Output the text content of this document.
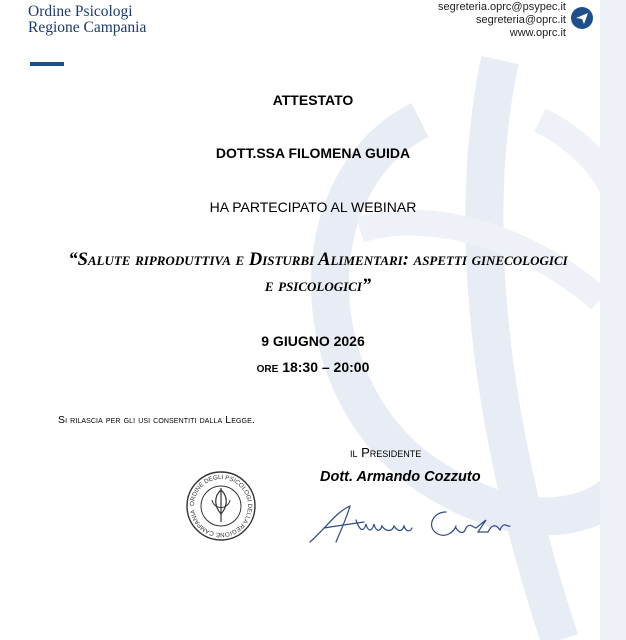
Ordine Psicologi
Regione Campania
segreteria.oprc@psypec.it
segreteria@oprc.it
www.oprc.it
ATTESTATO
DOTT.SSA FILOMENA GUIDA
HA PARTECIPATO AL WEBINAR
“Salute riproduttiva e Disturbi Alimentari: aspetti ginecologici
e psicologici”
9 GIUGNO 2026
ore 18:30 – 20:00
Si rilascia per gli usi consentiti dalla Legge.
il Presidente
Dott. Armando Cozzuto
ORDINE DEGLI PSICOLOGI DELLA REGIONE CAMPANIA
